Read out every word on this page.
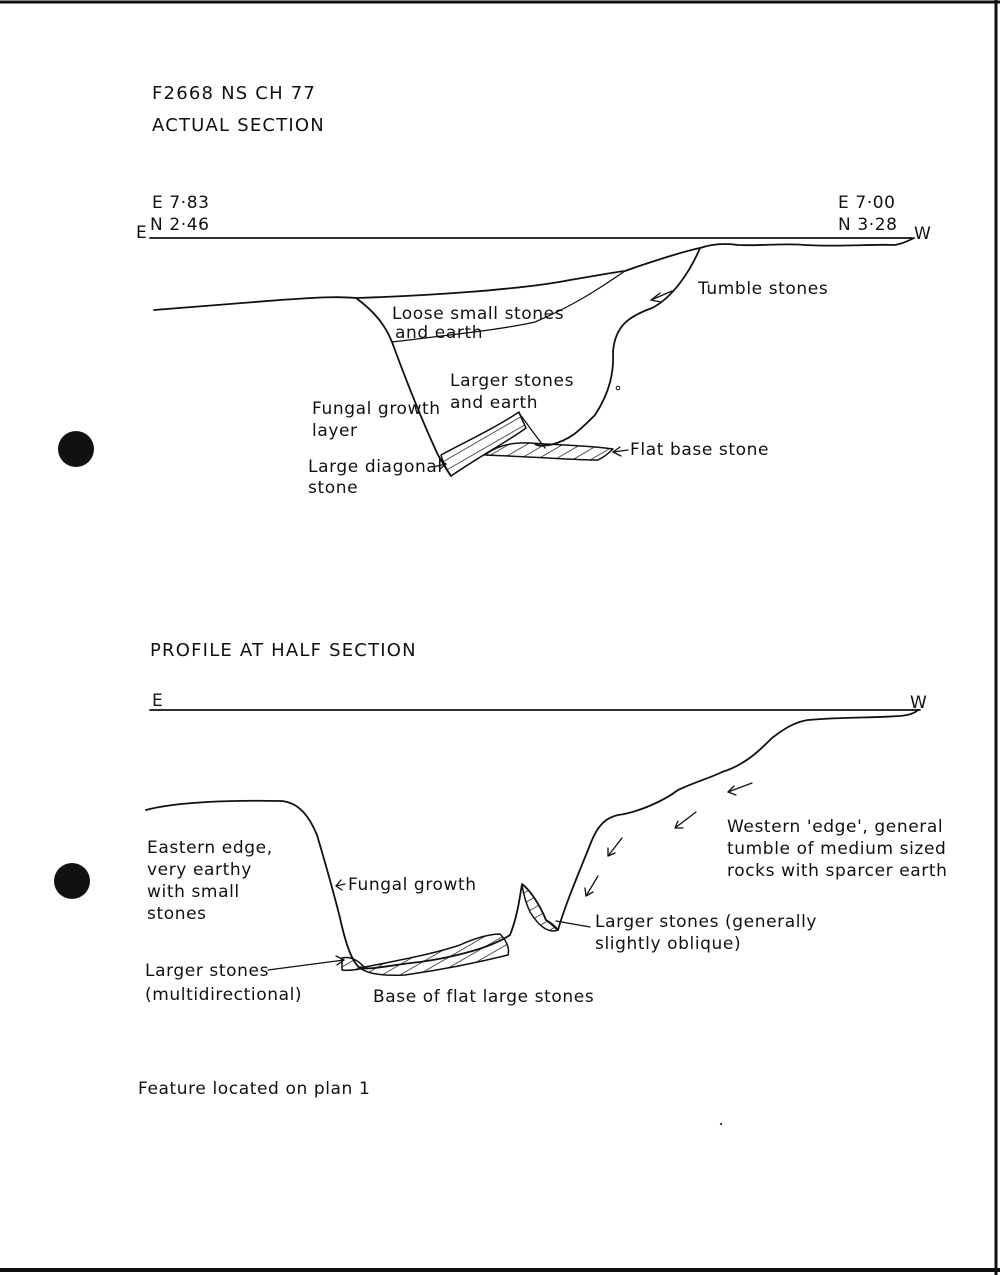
F2668 NS CH 77
ACTUAL SECTION
E 7·83
N 2·46
E
E 7·00
N 3·28 W
Tumble stones
Loose small stones
and earth
Larger stones
and earth
Fungal growth
layer
Large diagonal
stone
Flat base stone
PROFILE AT HALF SECTION
E	W
Eastern edge,
very earthy
with small
stones
Fungal growth
Western 'edge', general
tumble of medium sized
rocks with sparcer earth
Larger stones (generally
slightly oblique)
Larger stones
(multidirectional)	Base of flat large stones
Feature located on plan 1
